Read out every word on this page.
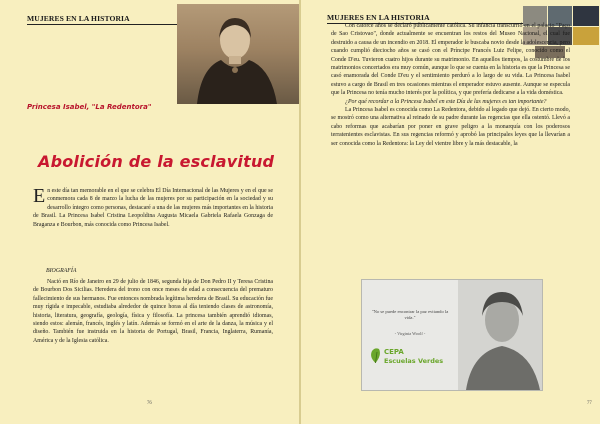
MUJERES EN LA HISTORIA
Princesa Isabel, "La Redentora"
Abolición de la esclavitud
E n este día tan memorable en el que se celebra El Día Internacional de las Mujeres y en el que se conmemora cada 8 de marzo la lucha de las mujeres por su participación en la sociedad y su desarrollo íntegro como personas, destacaré a una de las mujeres más importantes en la historia de Brasil. La Princesa Isabel Cristina Leopoldina Augusta Micaela Gabriela Rafaela Gonzaga de Braganza e Bourbon, más conocida como Princesa Isabel.
BIOGRAFÍA

Nació en Río de Janeiro en 29 de julio de 1846, segunda hija de Don Pedro II y Teresa Cristina de Bourbon Dos Sicilias. Heredera del trono con once meses de edad a consecuencia del prematuro fallecimiento de sus hermanos. Fue entonces nombrada legítima heredera de Brasil. Su educación fue muy rígida e impecable, estudiaba alrededor de quince horas al día teniendo clases de astronomía, historia, literatura, geografía, geología, física y filosofía. La princesa también aprendió idiomas, siendo estos: alemán, francés, inglés y latín. Además se formó en el arte de la danza, la música y el diseño. También fue instruida en la historia de Portugal, Brasil, Francia, Inglaterra, Rumanía, América y de la Iglesia católica.

76
MUJERES EN LA HISTORIA

Con catorce años se declaró públicamente católica. Su infancia transcurrió en el palacio "Paço de Sao Cristovao", donde actualmente se encuentran los restos del Museo Nacional, el cual fue destruido a causa de un incendio en 2018. El emperador le buscaba novio desde la adolescencia, pero cuando cumplió dieciocho años se casó con el Príncipe Francés Luiz Felipe, conocido como el Conde D'eu. Tuvieron cuatro hijos durante su matrimonio. En aquellos tiempos, la costumbre de los matrimonios concertados era muy común, aunque lo que se cuenta en la historia es que la Princesa se casó enamorada del Conde D'eu y el sentimiento perduró a lo largo de su vida. La Princesa Isabel estuvo a cargo de Brasil en tres ocasiones mientras el emperador estuvo ausente. Aunque se especula que la Princesa no tenía mucho interés por la política, y que prefería dedicarse a la vida doméstica.

¿Por qué recordar a la Princesa Isabel en este Día de las mujeres es tan importante?

La Princesa Isabel es conocida como La Redentora, debido al legado que dejó. En cierto modo, se mostró como una alternativa al reinado de su padre durante las regencias que ella ostentó. Llevó a cabo reformas que acabarían por poner en grave peligro a la monarquía con los poderosos terratenientes esclavistas. En sus regencias reformó y aprobó las principales leyes que la llevarían a ser conocida como la Redentora: la Ley del vientre libre y la más destacable, la

"No se puede encontrar la paz evitando la vida."
- Virginia Woolf -
CEPA
Escuelas Verdes
77
